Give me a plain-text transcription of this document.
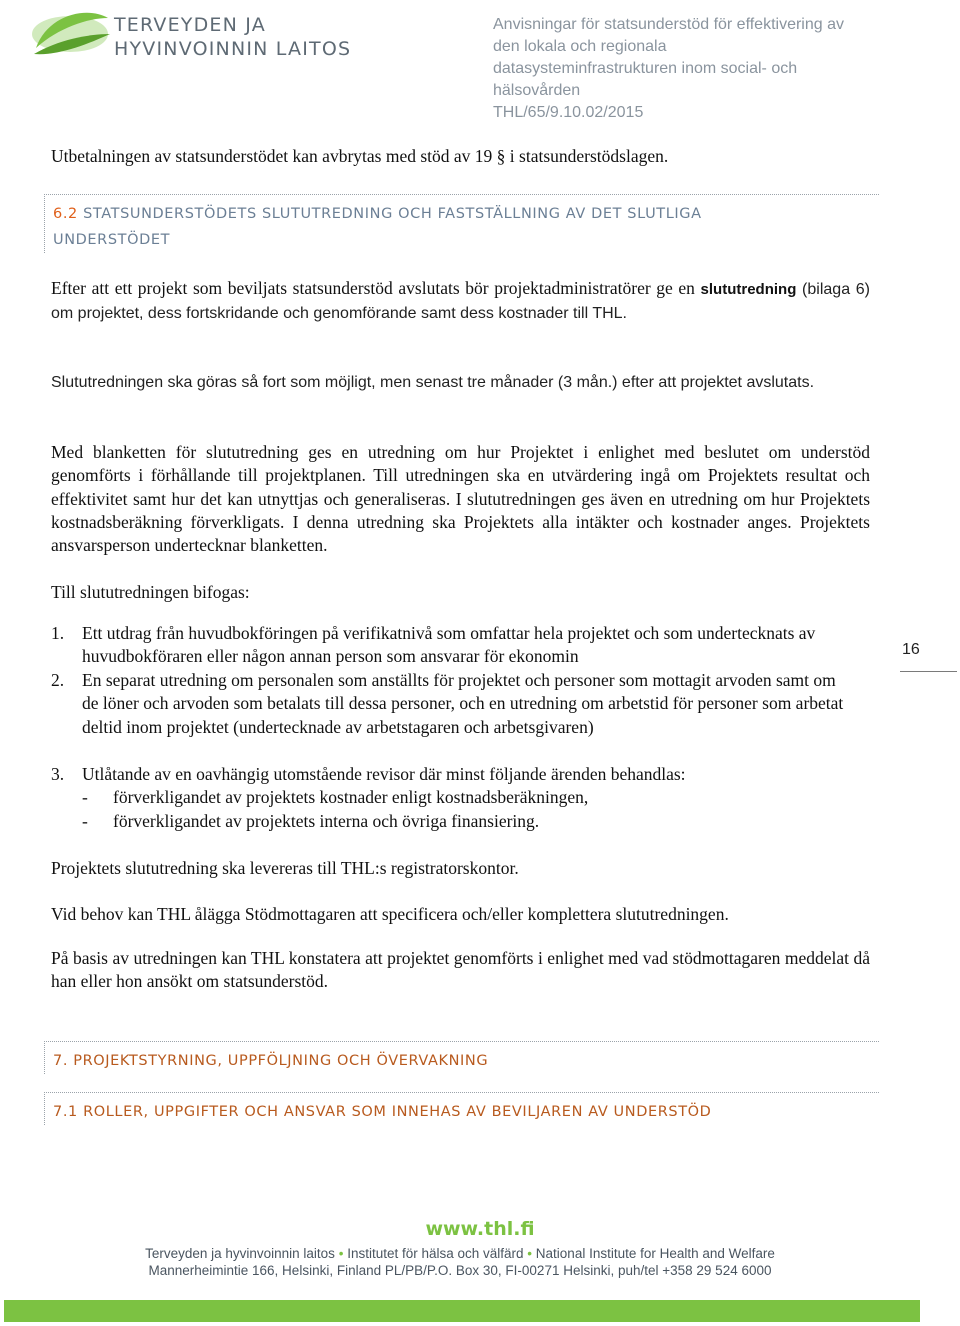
TERVEYDEN JA
HYVINVOINNIN LAITOS
Anvisningar för statsunderstöd för effektivering av
den lokala och regionala
datasysteminfrastrukturen inom social- och
hälsovården
THL/65/9.10.02/2015
Utbetalningen av statsunderstödet kan avbrytas med stöd av 19 § i statsunderstödslagen.
6.2 STATSUNDERSTÖDETS SLUTUTREDNING OCH FASTSTÄLLNING AV DET SLUTLIGA
UNDERSTÖDET
Efter att ett projekt som beviljats statsunderstöd avslutats bör projektadministratörer ge en slututredning (bilaga 6) om projektet, dess fortskridande och genomförande samt dess kostnader till THL.
Slututredningen ska göras så fort som möjligt, men senast tre månader (3 mån.) efter att projektet avslutats.
Med blanketten för slututredning ges en utredning om hur Projektet i enlighet med beslutet om understöd genomförts i förhållande till projektplanen. Till utredningen ska en utvärdering ingå om Projektets resultat och effektivitet samt hur det kan utnyttjas och generaliseras. I slututredningen ges även en utredning om hur Projektets kostnadsberäkning förverkligats. I denna utredning ska Projektets alla intäkter och kostnader anges. Projektets ansvarsperson undertecknar blanketten.
Till slututredningen bifogas:
1.	Ett utdrag från huvudbokföringen på verifikatnivå som omfattar hela projektet och som undertecknats av huvudbokföraren eller någon annan person som ansvarar för ekonomin
2.	En separat utredning om personalen som anställts för projektet och personer som mottagit arvoden samt om de löner och arvoden som betalats till dessa personer, och en utredning om arbetstid för personer som arbetat deltid inom projektet (undertecknade av arbetstagaren och arbetsgivaren)
3.	Utlåtande av en oavhängig utomstående revisor där minst följande ärenden behandlas:
- förverkligandet av projektets kostnader enligt kostnadsberäkningen,
- förverkligandet av projektets interna och övriga finansiering.
Projektets slututredning ska levereras till THL:s registratorskontor.
Vid behov kan THL ålägga Stödmottagaren att specificera och/eller komplettera slututredningen.
På basis av utredningen kan THL konstatera att projektet genomförts i enlighet med vad stödmottagaren meddelat då han eller hon ansökt om statsunderstöd.
7. PROJEKTSTYRNING, UPPFÖLJNING OCH ÖVERVAKNING
7.1 ROLLER, UPPGIFTER OCH ANSVAR SOM INNEHAS AV BEVILJAREN AV UNDERSTÖD
16
www.thl.fi
Terveyden ja hyvinvoinnin laitos • Institutet för hälsa och välfärd • National Institute for Health and Welfare
Mannerheimintie 166, Helsinki, Finland PL/PB/P.O. Box 30, FI-00271 Helsinki, puh/tel +358 29 524 6000
